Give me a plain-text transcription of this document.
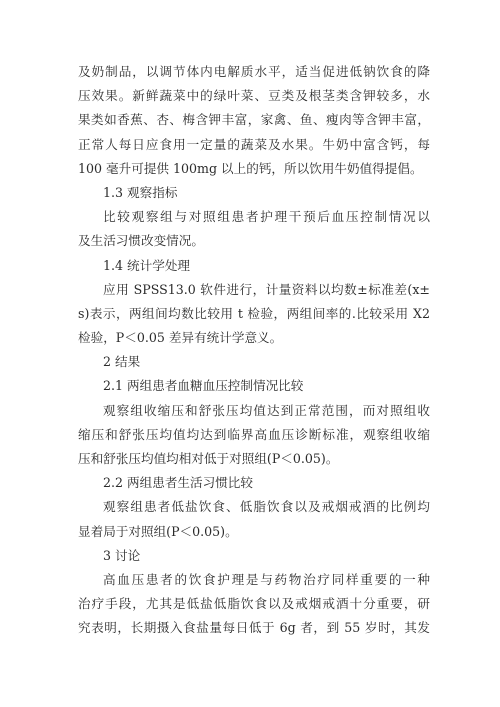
及奶制品，以调节体内电解质水平，适当促进低钠饮食的降
压效果。新鲜蔬菜中的绿叶菜、豆类及根茎类含钾较多，水
果类如香蕉、杏、梅含钾丰富，家禽、鱼、瘦肉等含钾丰富，
正常人每日应食用一定量的蔬菜及水果。牛奶中富含钙，每
100 毫升可提供 100mg 以上的钙，所以饮用牛奶值得提倡。
1.3 观察指标
比较观察组与对照组患者护理干预后血压控制情况以
及生活习惯改变情况。
1.4 统计学处理
应用 SPSS13.0 软件进行，计量资料以均数±标准差(x±
s)表示，两组间均数比较用 t 检验，两组间率的.比较采用 X2
检验，P＜0.05 差异有统计学意义。
2 结果
2.1 两组患者血糖血压控制情况比较
观察组收缩压和舒张压均值达到正常范围，而对照组收
缩压和舒张压均值均达到临界高血压诊断标准，观察组收缩
压和舒张压均值均相对低于对照组(P＜0.05)。
2.2 两组患者生活习惯比较
观察组患者低盐饮食、低脂饮食以及戒烟戒酒的比例均
显着局于对照组(P＜0.05)。
3 讨论
高血压患者的饮食护理是与药物治疗同样重要的一种
治疗手段，尤其是低盐低脂饮食以及戒烟戒酒十分重要，研
究表明，长期摄入食盐量每日低于 6g 者，到 55 岁时，其发
